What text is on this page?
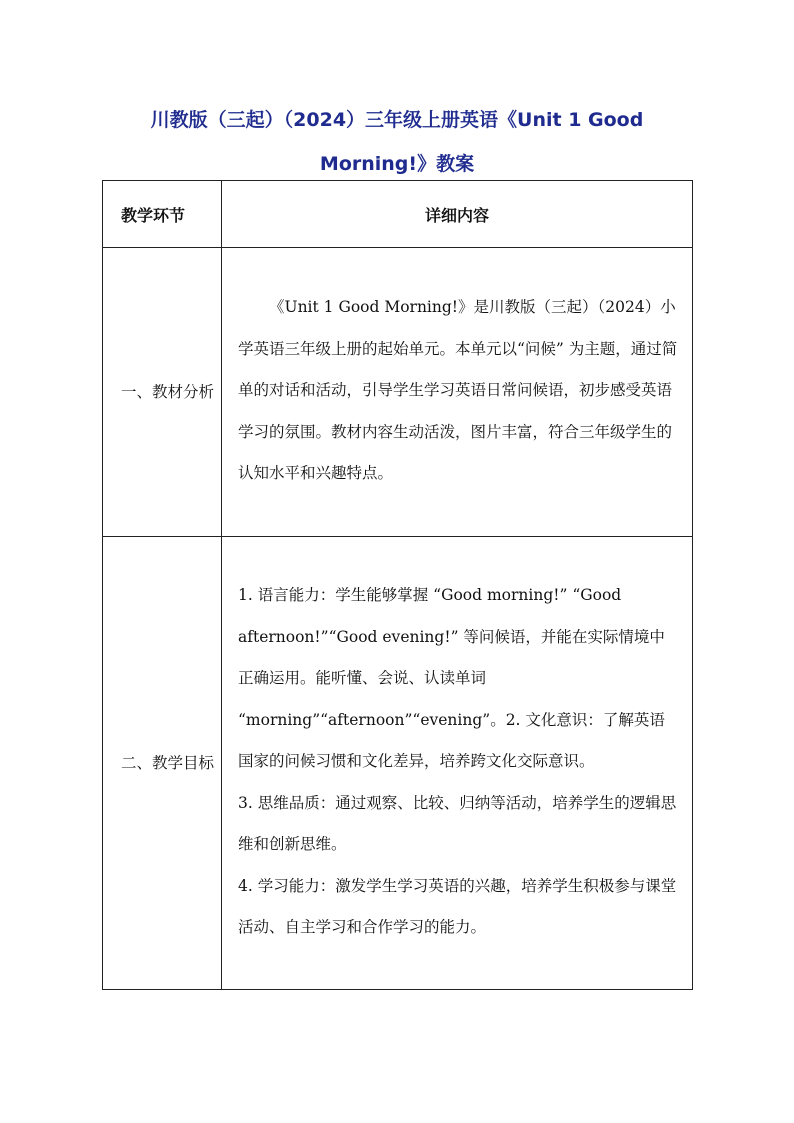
川教版（三起）（2024）三年级上册英语《Unit 1 Good Morning!》教案
教学环节	详细内容
一、教材分析	《Unit 1 Good Morning!》是川教版（三起）（2024）小学英语三年级上册的起始单元。本单元以“问候” 为主题，通过简单的对话和活动，引导学生学习英语日常问候语，初步感受英语学习的氛围。教材内容生动活泼，图片丰富，符合三年级学生的认知水平和兴趣特点。

二、教学目标	1. 语言能力：学生能够掌握 “Good morning!” “Good afternoon!”“Good evening!” 等问候语，并能在实际情境中正确运用。能听懂、会说、认读单词 “morning”“afternoon”“evening”。2. 文化意识：了解英语国家的问候习惯和文化差异，培养跨文化交际意识。

3. 思维品质：通过观察、比较、归纳等活动，培养学生的逻辑思维和创新思维。

4. 学习能力：激发学生学习英语的兴趣，培养学生积极参与课堂活动、自主学习和合作学习的能力。
